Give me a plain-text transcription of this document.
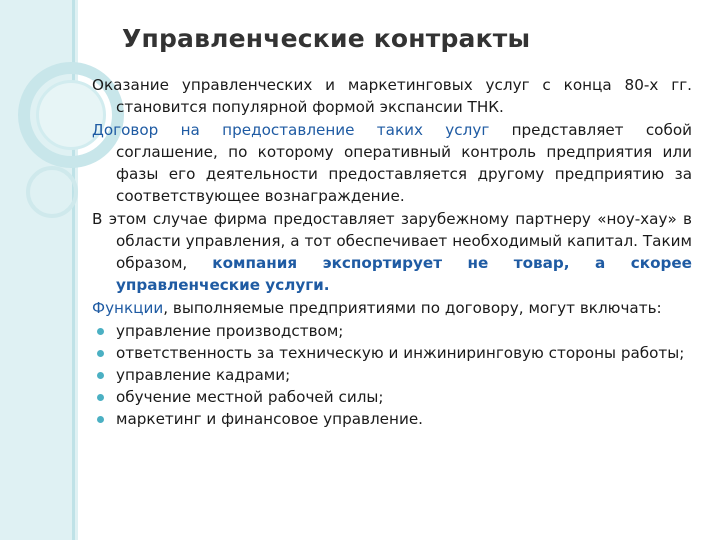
Управленческие контракты

Оказание управленческих и маркетинговых услуг с конца 80-х гг. становится популярной формой экспансии ТНК.

Договор на предоставление таких услуг представляет собой соглашение, по которому оперативный контроль предприятия или фазы его деятельности предоставляется другому предприятию за соответствующее вознаграждение.

В этом случае фирма предоставляет зарубежному партнеру «ноу-хау» в области управления, а тот обеспечивает необходимый капитал. Таким образом, компания экспортирует не товар, а скорее управленческие услуги.

Функции, выполняемые предприятиями по договору, могут включать:

управление производством;
ответственность за техническую и инжиниринговую стороны работы;
управление кадрами;
обучение местной рабочей силы;
маркетинг и финансовое управление.
